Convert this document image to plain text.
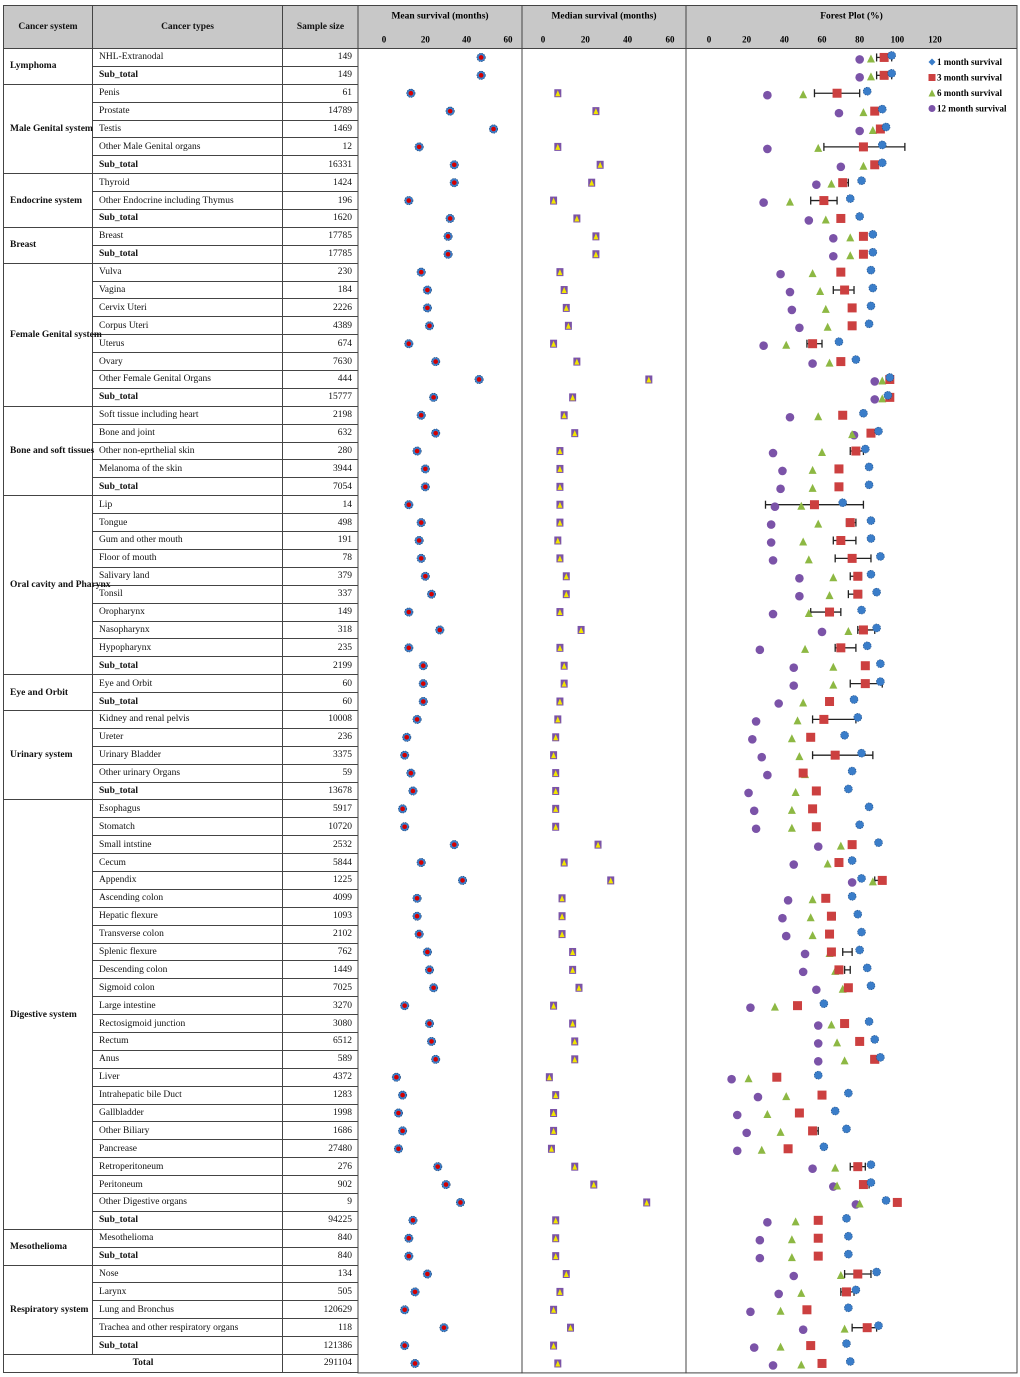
Cancer system	Cancer types	Sample size
Lymphoma	NHL-Extranodal	149
Sub_total	149
Male Genital system	Penis	61
Prostate	14789
Testis	1469
Other Male Genital organs	12
Sub_total	16331
Endocrine system	Thyroid	1424
Other Endocrine including Thymus	196
Sub_total	1620
Breast	Breast	17785
Sub_total	17785
Female Genital system	Vulva	230
Vagina	184
Cervix Uteri	2226
Corpus Uteri	4389
Uterus	674
Ovary	7630
Other Female Genital Organs	444
Sub_total	15777
Bone and soft tissues	Soft tissue including heart	2198
Bone and joint	632
Other non-eprthelial skin	280
Melanoma of the skin	3944
Sub_total	7054
Oral cavity and Pharynx	Lip	14
Tongue	498
Gum and other mouth	191
Floor of mouth	78
Salivary land	379
Tonsil	337
Oropharynx	149
Nasopharynx	318
Hypopharynx	235
Sub_total	2199
Eye and Orbit	Eye and Orbit	60
Sub_total	60
Urinary system	Kidney and renal pelvis	10008
Ureter	236
Urinary Bladder	3375
Other urinary Organs	59
Sub_total	13678
Digestive system	Esophagus	5917
Stomatch	10720
Small intstine	2532
Cecum	5844
Appendix	1225
Ascending colon	4099
Hepatic flexure	1093
Transverse colon	2102
Splenic flexure	762
Descending colon	1449
Sigmoid colon	7025
Large intestine	3270
Rectosigmoid junction	3080
Rectum	6512
Anus	589
Liver	4372
Intrahepatic bile Duct	1283
Gallbladder	1998
Other Biliary	1686
Pancrease	27480
Retroperitoneum	276
Peritoneum	902
Other Digestive organs	9
Sub_total	94225
Mesothelioma	Mesothelioma	840
Sub_total	840
Respiratory system	Nose	134
Larynx	505
Lung and Bronchus	120629
Trachea and other respiratory organs	118
Sub_total	121386
Total	291104
Mean survival (months)
0	20	40	60
Median survival (months)
0	20	40	60
Forest Plot (%)
0	20	40	60	80	100	120
1 month survival
3 month survival
6 month survival
12 month survival
